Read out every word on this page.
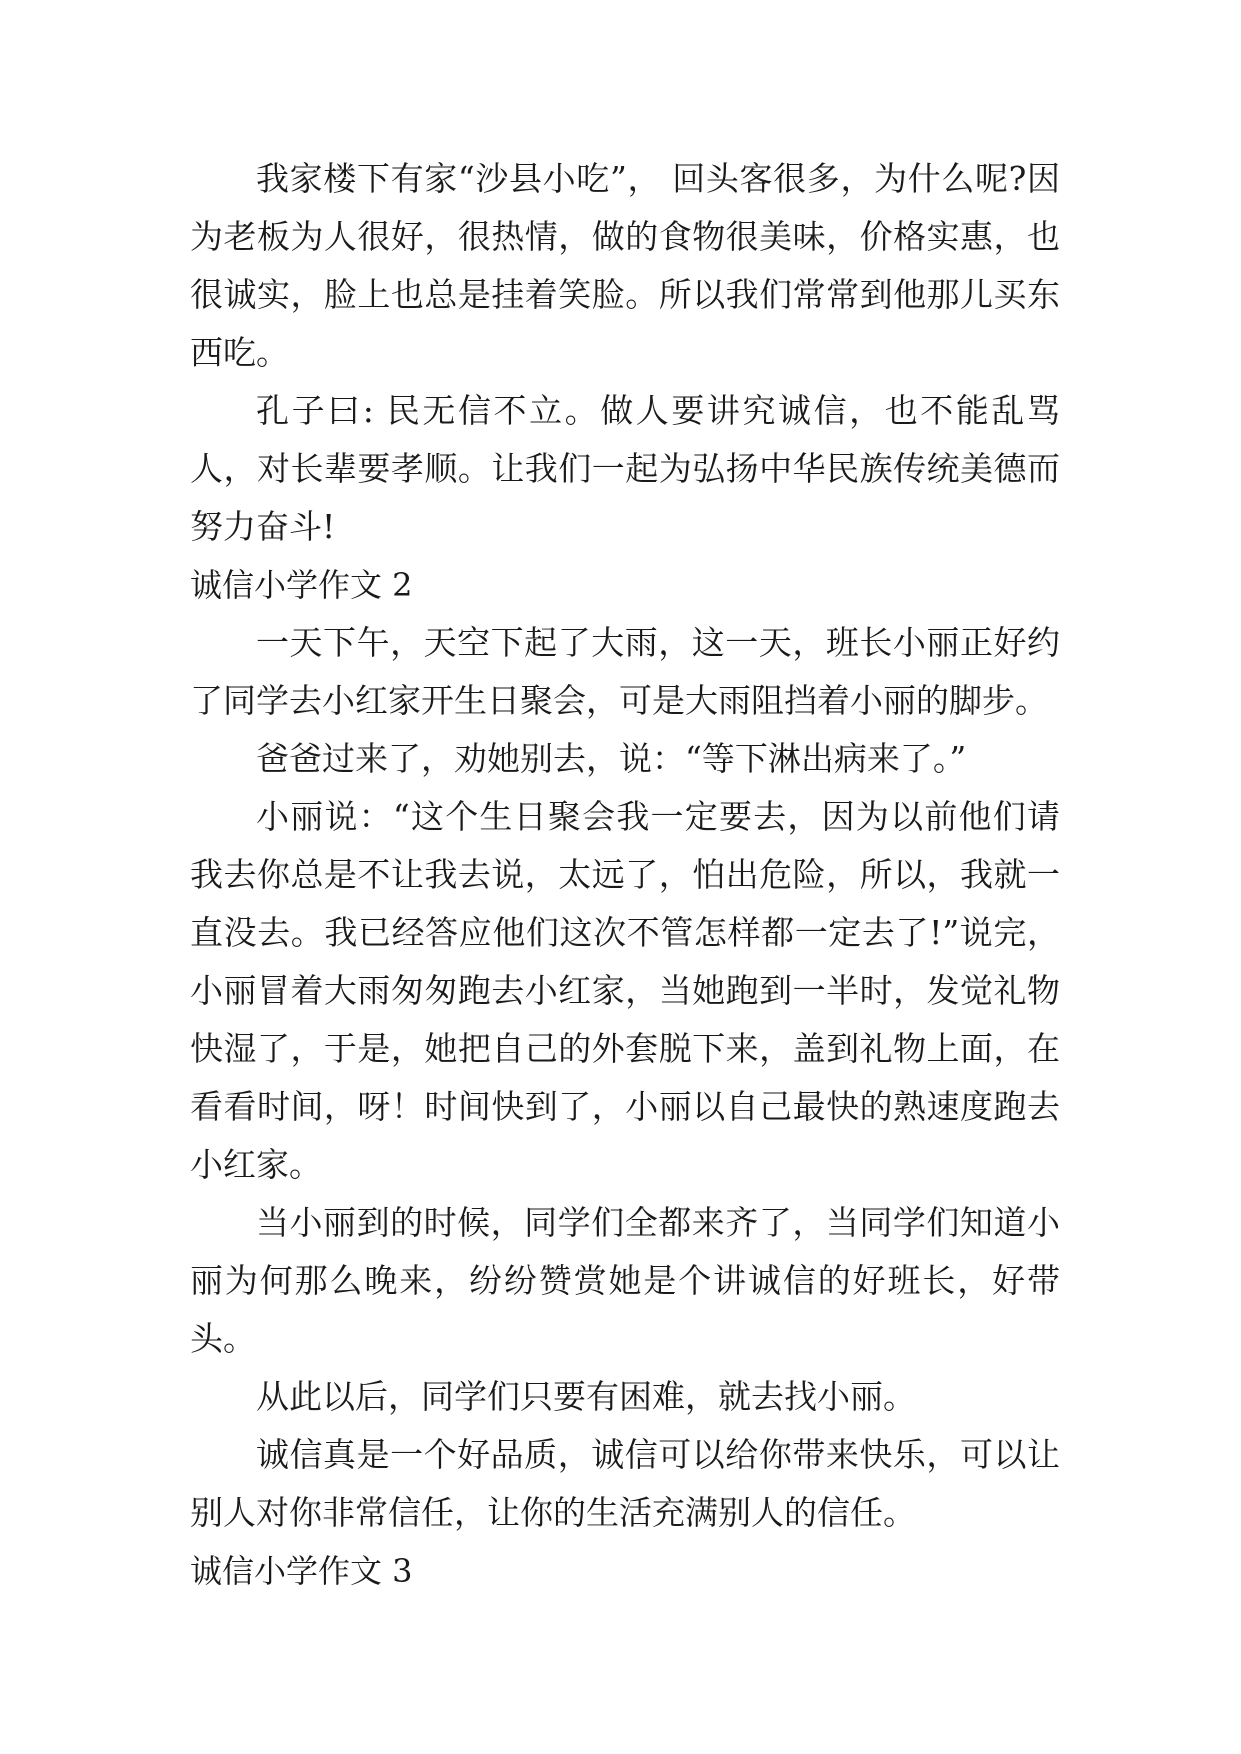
我家楼下有家“沙县小吃”， 回头客很多，为什么呢?因为老板为人很好，很热情，做的食物很美味，价格实惠，也很诚实，脸上也总是挂着笑脸。所以我们常常到他那儿买东西吃。

孔子曰: 民无信不立。做人要讲究诚信，也不能乱骂人，对长辈要孝顺。让我们一起为弘扬中华民族传统美德而努力奋斗!

诚信小学作文 2

一天下午，天空下起了大雨，这一天，班长小丽正好约了同学去小红家开生日聚会，可是大雨阻挡着小丽的脚步。

爸爸过来了，劝她别去，说：“等下淋出病来了。”

小丽说：“这个生日聚会我一定要去，因为以前他们请我去你总是不让我去说，太远了，怕出危险，所以，我就一直没去。我已经答应他们这次不管怎样都一定去了!”说完，小丽冒着大雨匆匆跑去小红家，当她跑到一半时，发觉礼物快湿了，于是，她把自己的外套脱下来，盖到礼物上面，在看看时间，呀！时间快到了，小丽以自己最快的熟速度跑去小红家。

当小丽到的时候，同学们全都来齐了，当同学们知道小丽为何那么晚来，纷纷赞赏她是个讲诚信的好班长，好带头。

从此以后，同学们只要有困难，就去找小丽。

诚信真是一个好品质，诚信可以给你带来快乐，可以让别人对你非常信任，让你的生活充满别人的信任。

诚信小学作文 3
